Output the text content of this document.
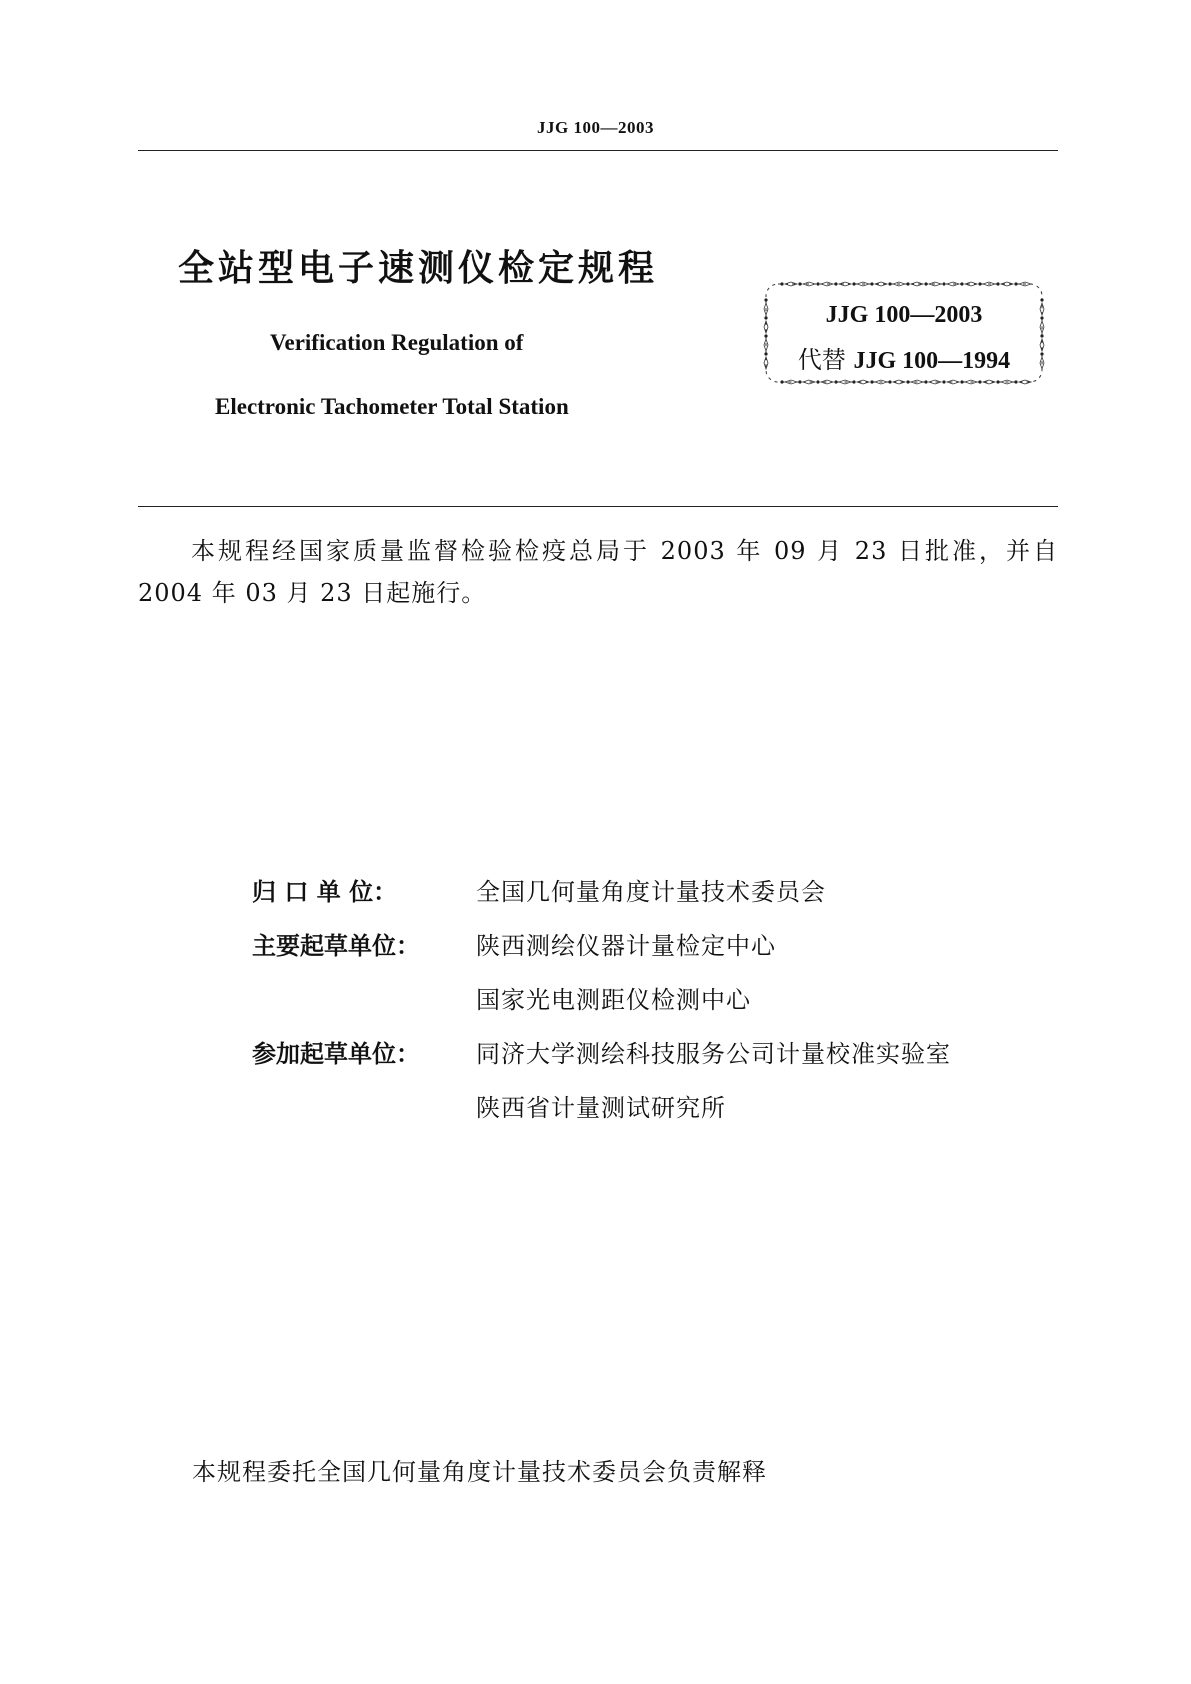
JJG 100—2003
全站型电子速测仪检定规程
Verification Regulation of
Electronic Tachometer Total Station
JJG 100—2003
代替 JJG 100—1994
本规程经国家质量监督检验检疫总局于 2003 年 09 月 23 日批准，并自 2004 年 03 月 23 日起施行。
归 口 单 位：	全国几何量角度计量技术委员会
主要起草单位：	陕西测绘仪器计量检定中心
国家光电测距仪检测中心
参加起草单位：	同济大学测绘科技服务公司计量校准实验室
陕西省计量测试研究所
本规程委托全国几何量角度计量技术委员会负责解释
